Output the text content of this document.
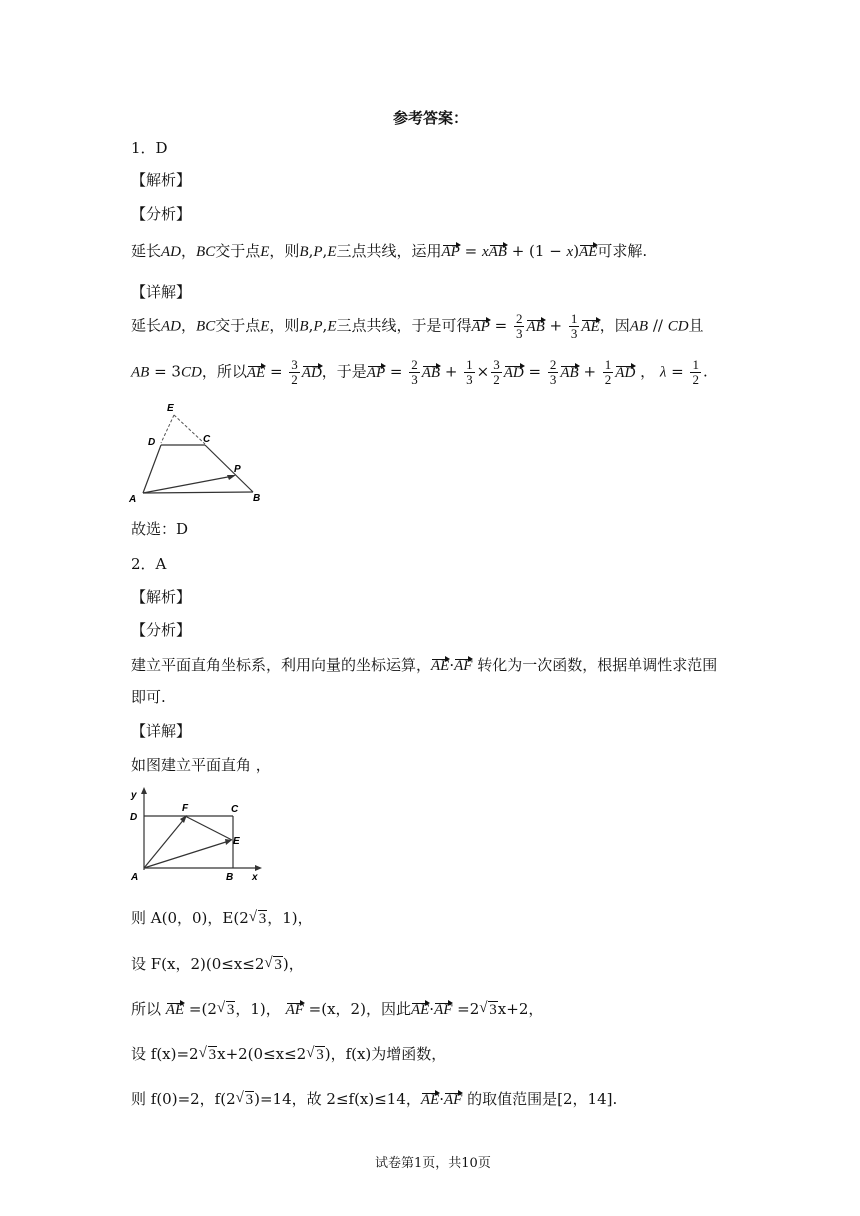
参考答案：
1．D
【解析】
【分析】
延长AD，BC交于点E，则B,P,E三点共线，运用AP = xAB + (1 − x)AE可求解.
【详解】
延长AD，BC交于点E，则B,P,E三点共线，于是可得AP = $\frac{2}{3}$ AB + $\frac{1}{3}$ AE，因AB // CD且
AB = 3CD，所以AE = $\frac{3}{2}$ AD，于是AP = $\frac{2}{3}$ AB + $\frac{1}{3} \times \frac{3}{2}$ AD = $\frac{2}{3}$ AB + $\frac{1}{2}$ AD ， $\lambda = \frac{1}{2}$ .
E
D	C
P
A	B
故选：D
2．A
【解析】
【分析】
建立平面直角坐标系，利用向量的坐标运算，AE·AF 转化为一次函数，根据单调性求范围
即可.
【详解】
如图建立平面直角 ，
y
D
F	C
E
A	B x
则 A(0，0)，E(2 √ 3，1)，
设 F(x，2)(0≤x≤2 √ 3)，
所以 AE =(2 √ 3，1)， AF =(x，2)，因此AE·AF =2 √ 3x+2，
设 f(x)=2 √ 3x+2(0≤x≤2 √ 3)，f(x)为增函数，
则 f(0)=2，f(2 √ 3)=14，故 2≤f(x)≤14，AE·AF 的取值范围是[2，14].
试卷第1页，共10页
